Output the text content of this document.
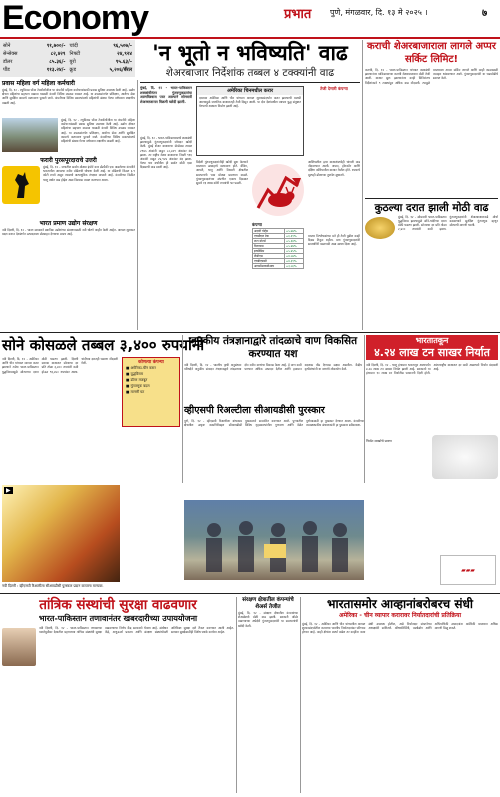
Economy	प्रभात पुणे, मंगळवार, दि. १३ मे २०२५ ।	७
सोने	९१,७००/- चांदी	९६,५०७/-
सेन्सेक्स	८२,४२९ निफ्टी	२४,९२४
डॉलर	८५.३६/- युरो	९५.६३/-
पौंड	११३.२४/- क्रूड	५,२०६/बॅरल
'न भूतो न भविष्यति' वाढ
शेअरबाजार निर्देशांक तब्बल ४ टक्क्यांनी वाढ
मुंबई, दि. १२ - भारत-पाकिस्तान शस्त्रसंधीनंतर गुंतवणूकदारांचा आत्मविश्वास परत आल्याने सोमवारी शेअरबाजारात विक्रमी खरेदी झाली.
मुंबई, दि. १२ - भारत-पाकिस्तानमध्ये शस्त्रसंधी झाल्यामुळे गुंतवणूकदारांनी जोरदार खरेदी केली. मुंबई शेअर बाजाराचा सेन्सेक्स तब्बल २९७५ अंकांनी वाढून ८२,४२९ अंकांवर बंद झाला. तर राष्ट्रीय शेअर बाजाराचा निफ्टी ९१६ अंकांनी वाढून २४,९२४ अंकांवर बंद झाला. गेल्या चार वर्षांतील ही सर्वात मोठी एका दिवसाची वाढ ठरली आहे.
अमेरिका चिनमधील करार
दरम्यान अमेरिका आणि चीन यांच्यात आयात शुल्कासंदर्भात करार झाल्याची बातमी आल्यामुळे जागतिक बाजारातही तेजी दिसून आली. या दोन देशांमधील व्यापार युद्ध संपुष्टात येण्याची शक्यता निर्माण झाली आहे.
विदेशी गुंतवणूकदारांनीही खरेदी सुरू केल्याने बाजारात उत्साहाचे वातावरण होते. बँकिंग, आयटी, धातू आणि रिअल्टी क्षेत्रातील समभागांचे भाव मोठ्या प्रमाणात वाढले. गुंतवणूकदारांच्या संपत्तीत एकाच दिवसात सुमारे १६ लाख कोटी रुपयांची भर पडली.
कंपन्या
अदानी पोर्ट्स	+५.७७%
एचसीएल टेक	+६.६९%
टाटा मोटर्स	+५.६४%
रिलायन्स	+५.४७%
इन्फोसिस	+५.४५%
टीसीएस	+४.५७%
एचडीएफसी	+४.३९%
आयसीआयसीआय	+३.५६%
आशियातील इतर बाजारांमध्येही चांगली वाढ नोंदवण्यात आली. जपान, हाँगकाँग आणि दक्षिण कोरियातील बाजार तेजीत होते. रुपयाचे मूल्यही डॉलरच्या तुलनेत सुधारले.
बाजार विश्लेषकांच्या मते ही तेजी पुढील काही दिवस टिकून राहील. मात्र गुंतवणूकदारांनी सावधगिरी बाळगावी असा सल्ला दिला आहे.
तेजी देणारी कंपन्या
प्रवास महिला वर्ग महिला कर्मचारी
मुंबई, दि. १२ - ल्युमिनस पॉवर टेक्नॉलॉजीज या कंपनीने महिला कर्मचाऱ्यांसाठी प्रवास सुविधा उपलब्ध केली आहे. उद्योग क्षेत्रात महिलांचा सहभाग वाढावा यासाठी कंपनी विविध उपक्रम राबवत आहे. या उपक्रमांतर्गत प्रशिक्षण, आरोग्य सेवा आणि सुरक्षित कामाचे वातावरण पुरवले जाते. कंपनीच्या विविध प्रकल्पांमध्ये महिलांची संख्या गेल्या वर्षभरात लक्षणीय वाढली आहे.
मुंबई, दि. १२ - ल्युमिनस पॉवर टेक्नॉलॉजीज या कंपनीने महिला कर्मचाऱ्यांसाठी प्रवास सुविधा उपलब्ध केली आहे. उद्योग क्षेत्रात महिलांचा सहभाग वाढावा यासाठी कंपनी विविध उपक्रम राबवत आहे. या उपक्रमांतर्गत प्रशिक्षण, आरोग्य सेवा आणि सुरक्षित कामाचे वातावरण पुरवले जाते. कंपनीच्या विविध प्रकल्पांमध्ये महिलांची संख्या गेल्या वर्षभरात लक्षणीय वाढली आहे.
फरारी पुरसपूरदाराचे उत्तरी
मुंबई, दि. १२ - जगातील सर्वात मोठ्या इंपोर्ट कार ब्रँडपैकी एक असलेल्या कंपनीने भारतातील आपल्या नवीन मॉडेलची घोषणा केली आहे. या मॉडेलची किंमत ३.९ कोटी रुपये असून त्यामध्ये अत्याधुनिक तंत्रज्ञान वापरले आहे. कंपनीच्या विक्रीत चालू वर्षात वाढ होईल असा विश्वास व्यक्त करण्यात आला.
भारत प्रमाण उद्योग संरक्षण
नवी दिल्ली, दि. १२ - भारत सरकारने स्थानिक उद्योगांच्या संरक्षणासाठी नवी धोरणे जाहीर केली आहेत. आयात शुल्कात बदल करून देशांतर्गत उत्पादनाला प्रोत्साहन देण्याचा प्रयत्न आहे.
कराची शेअरबाजाराला लागले अप्पर सर्किट लिमिट!
कराची, दि. १२ - भारत-पाकिस्तान यांच्यात शस्त्रसंधी झाल्यानंतर पाकिस्तानच्या कराची शेअरबाजारात मोठी तेजी आली. बाजार सुरू झाल्यानंतर काही मिनिटांतच निर्देशांकाने ९ टक्क्यांहून अधिक वाढ नोंदवली. त्यामुळे बाजाराला अप्पर सर्किट लागले आणि काही काळासाठी व्यवहार थांबवण्यात आले. गुंतवणूकदारांनी या घडामोडीचे स्वागत केले.
कुठल्या दरात झाली मोठी वाढ
मुंबई, दि. १२ - सोमवारी भारत-पाकिस्तान युद्धविराम झाल्यामुळे सोने-चांदीच्या दरात मोठी घसरण झाली. सोन्याचा दर प्रति तोळा २,४०० रुपयांनी कमी झाला. गुंतवणूकदारांनी शेअरबाजाराकडे मोर्चा वळवल्याने सुरक्षित गुंतवणूक म्हणून सोन्याची मागणी घटली.
सोने कोसळले तब्बल ३,४०० रुपयांनी
नवी दिल्ली, दि. १२ - अमेरिका आणि चीन यांच्यात व्यापार करार झाल्याने तसेच भारत-पाकिस्तान युद्धविरामामुळे सोन्याच्या दरात मोठी घसरण झाली. दिल्ली सराफा बाजारात सोन्याचा दर प्रति तोळा ३,४०० रुपयांनी कमी होऊन ९६,४५० रुपयांवर आला. चांदीच्या दरातही घसरण नोंदवली गेली.	कोणत्या कंपन्या
■ अमेरिका-चीन करार
■ युद्धविराम
■ डॉलर मजबूत
■ गुंतवणूक बदल
■ मागणी घट
जनुकीय तंत्रज्ञानाद्वारे तांदळाचे वाण विकसित करण्यात यश
नवी दिल्ली, दि. १२ - भारतीय कृषी अनुसंधान परिषदेने जनुकीय संपादन तंत्रज्ञानाद्वारे तांदळाच्या दोन नवीन वाणांचा विकास केला आहे. हे वाण कमी पाण्यात अधिक उत्पादन देतील आणि हवामान बदलास तोंड देण्यास सक्षम असतील. केंद्रीय कृषीमंत्र्यांनी या वाणांचे लोकार्पण केले.
भारतातकून
४.२४ लाख टन साखर निर्यात
नवी दिल्ली, दि. १२ - चालू हंगामात भारतातून आतापर्यंत ४.२४ लाख टन साखर निर्यात झाली आहे. सरकारने या हंगामात १० लाख टन निर्यातीस परवानगी दिली होती. आंतरराष्ट्रीय बाजारात दर कमी असल्याने निर्यात मंदावली आहे.
निर्यात साखरेचे प्रमाण
व्हीएसपी रिअल्टीला सीआयडीसी पुरस्कार
पुणे, दि. १२ - व्हीएसपी रिअल्टीला बांधकाम क्षेत्रातील उत्कृष्ट कामगिरीबद्दल सीआयडीसी पुरस्काराने सन्मानित करण्यात आले. पुण्यातील विविध गृहप्रकल्पांतील गुणवत्ता आणि वेळेत पूर्णत्वासाठी हा पुरस्कार देण्यात आला. कंपनीच्या व्यवस्थापकीय संचालकांनी हा पुरस्कार स्वीकारला.
▶
नवी दिल्ली : व्हीएसपी रिअल्टीला सीआयडीसी पुरस्कार प्रदान करताना मान्यवर.
▰▰▰
तांत्रिक संस्थांची सुरक्षा वाढवणार
भारत-पाकिस्तान तणावानंतर खबरदारीच्या उपाययोजना
नवी दिल्ली, दि. १२ - भारत-पाकिस्तान तणावाच्या पार्श्वभूमीवर देशातील महत्त्वाच्या तांत्रिक संस्थांची सुरक्षा वाढवण्याचा निर्णय केंद्र सरकारने घेतला आहे. संशोधन केंद्रे, अणुऊर्जा प्रकल्प आणि संरक्षण संस्थांभोवती अतिरिक्त सुरक्षा दले तैनात करण्यात आली आहेत. सायबर सुरक्षेसाठीही विशेष पथके कार्यरत आहेत.
संरक्षण क्षेत्रातील कंपन्यांचे शेअर्स तेजीत
मुंबई, दि. १२ - संरक्षण क्षेत्रातील कंपन्यांच्या शेअर्समध्ये मोठी वाढ झाली. सरकारी ऑर्डर वाढण्याच्या अपेक्षेने गुंतवणूकदारांनी या समभागांची खरेदी केली.
भारतासमोर आव्हानांबरोबरच संधी
अमेरिका - चीन व्यापार करारावर निर्यातदारांची प्रतिक्रिया
मुंबई, दि. १२ - अमेरिका आणि चीन यांच्यातील आयात शुल्कासंदर्भातील कराराचा भारतीय निर्यातदारांवर परिणाम होणार आहे. काही क्षेत्रांना स्पर्धा वाढेल तर काहींना नव्या संधी उपलब्ध होतील, असे निर्यातदार संघटनेच्या अध्यक्षांनी सांगितले. औषधनिर्मिती, वस्त्रोद्योग आणि अभियांत्रिकी उत्पादनांना अमेरिकी बाजारात अधिक मागणी मिळू शकते.
